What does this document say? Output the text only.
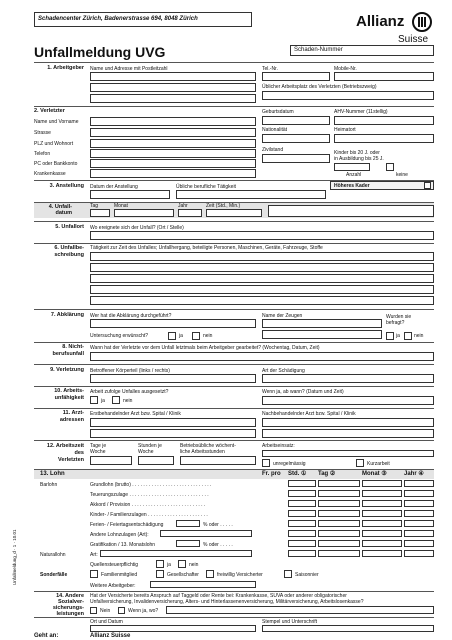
Schadencenter Zürich, Badenerstrasse 694, 8048 Zürich	Allianz
Suisse
Unfallmeldung UVG	Schaden-Nummer
1. Arbeitgeber Name und Adresse mit Postleitzahl	Tel.-Nr.	Mobile-Nr.
Üblicher Arbeitsplatz des Verletzten (Betriebszweig)
2. Verletzter	Geburtsdatum	AHV-Nummer (11stellig)
Name und Vorname
Strasse
PLZ und Wohnort
Telefon
PC oder Bankkonto
Krankenkasse
Nationalität	Heimatort
Zivilstand	Kinder bis 20 J. oder
in Ausbildung bis 25 J.
Anzahl	keine
3. Anstellung Datum der Anstellung	Übliche berufliche Tätigkeit	Höheres Kader
4. Unfall-
datum
Tag	Monat	Jahr	Zeit (Std., Min.)
5. Unfallort Wo ereignete sich der Unfall? (Ort / Stelle)
6. Unfallbe-
schreibung
Tätigkeit zur Zeit des Unfalles; Unfallhergang, beteiligte Personen, Maschinen, Geräte, Fahrzeuge, Stoffe
7. Abklärung Wer hat die Abklärung durchgeführt?
Untersuchung erwünscht?	ja	nein
Name der Zeugen	Wurden sie
befragt?
ja	nein
8. Nicht-
berufsunfall
Wann hat der Verletzte vor dem Unfall letztmals beim Arbeitgeber gearbeitet? (Wochentag, Datum, Zeit)
9. Verletzung Betroffener Körperteil (links / rechts)	Art der Schädigung
10. Arbeits-
unfähigkeit
Arbeit zufolge Unfalles ausgesetzt?
ja	nein
Wenn ja, ab wann? (Datum und Zeit)
11. Arzt-
adressen
Erstbehandelnder Arzt bzw. Spital / Klinik	Nachbehandelnder Arzt bzw. Spital / Klinik
12. Arbeitszeit
des
Verletzten
Tage je
Woche
Stunden je
Woche
Betriebsübliche wöchent-
liche Arbeitsstunden
Arbeitseinsatz:
unregelmässig	Kurzarbeit
13. Lohn	Fr. pro Std. ① Tag ②	Monat ③	Jahr ④
Barlohn	Grundlohn (brutto) . . . . . . . . . . . . . . . . . . . . . . . . . . . . .
Teuerungszulage . . . . . . . . . . . . . . . . . . . . . . . . . . . . .
Akkord / Provision . . . . . . . . . . . . . . . . . . . . . . . . . . .
Kinder- / Familienzulagen . . . . . . . . . . . . . . . . . . . . . .
Ferien- / Feiertagsentschädigung	% oder . . . . .
Andere Lohnzulagen (Art):
Gratifikation / 13. Monatslohn	% oder . . . . .
Naturallohn	Art:
Quellensteuerpflichtig	ja	nein
Sonderfälle	Familienmitglied	Gesellschafter	freiwillig Versicherter	Saisonnier
Weitere Arbeitgeber:
14. Andere
Sozialver-
sicherungs-
leistungen
Hat der Versicherte bereits Anspruch auf Taggeld oder Rente bei: Krankenkasse, SUVA oder anderer obligatorischer
Unfallversicherung, Invalidenversicherung, Alters- und Hinterlassenenversicherung, Militärversicherung, Arbeitslosenkasse?
Nein	Wenn ja, wo?
Ort und Datum	Stempel und Unterschrift
Geht an:	Allianz Suisse
Unfallmeldung_d · 1 · 10.01
